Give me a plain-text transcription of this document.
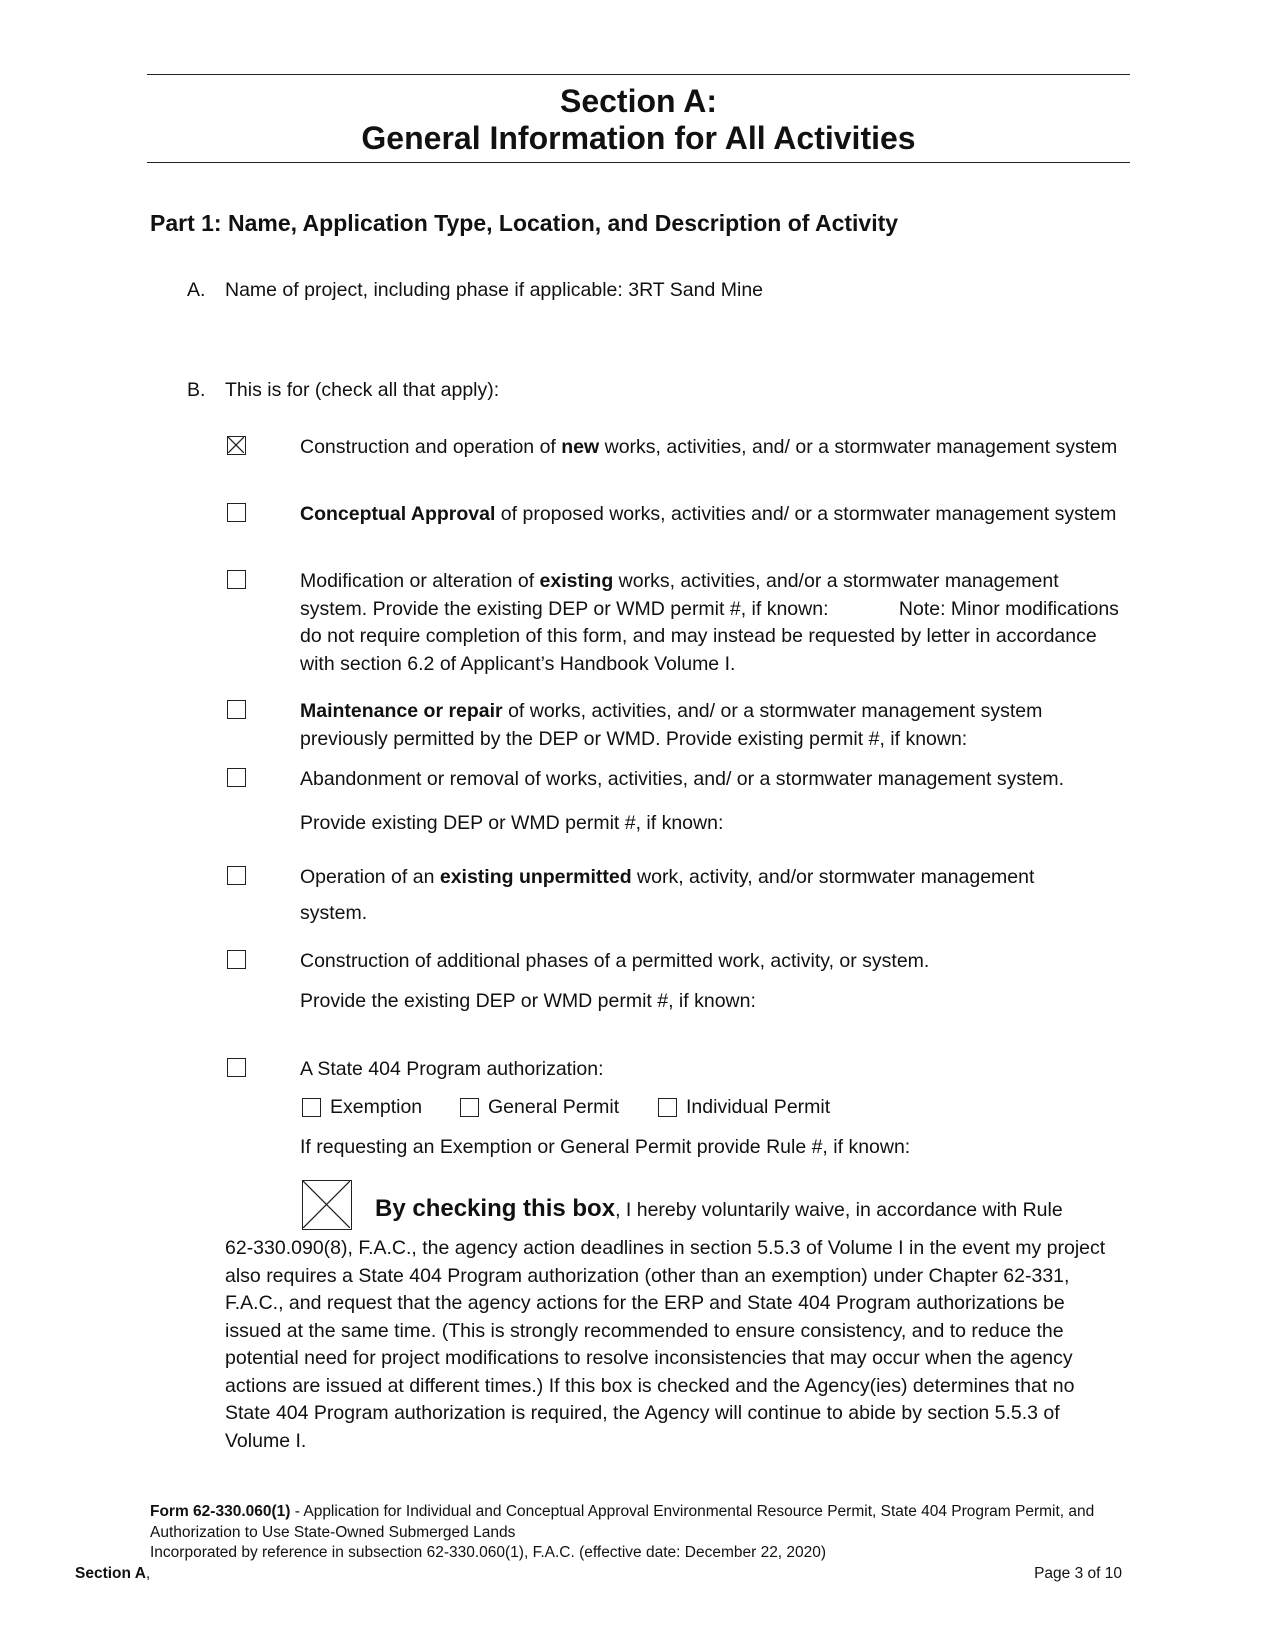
Section A:
General Information for All Activities
Part 1: Name, Application Type, Location, and Description of Activity
A. Name of project, including phase if applicable: 3RT Sand Mine
B. This is for (check all that apply):
Construction and operation of new works, activities, and/ or a stormwater management system
Conceptual Approval of proposed works, activities and/ or a stormwater management system
Modification or alteration of existing works, activities, and/or a stormwater management system. Provide the existing DEP or WMD permit #, if known:             Note: Minor modifications do not require completion of this form, and may instead be requested by letter in accordance with section 6.2 of Applicant’s Handbook Volume I.
Maintenance or repair of works, activities, and/ or a stormwater management system previously permitted by the DEP or WMD. Provide existing permit #, if known:
Abandonment or removal of works, activities, and/ or a stormwater management system.
Provide existing DEP or WMD permit #, if known:
Operation of an existing unpermitted work, activity, and/or stormwater management
system.
Construction of additional phases of a permitted work, activity, or system.
Provide the existing DEP or WMD permit #, if known:
A State 404 Program authorization:
Exemption	General Permit	Individual Permit
If requesting an Exemption or General Permit provide Rule #, if known:
By checking this box, I hereby voluntarily waive, in accordance with Rule
62-330.090(8), F.A.C., the agency action deadlines in section 5.5.3 of Volume I in the event my project also requires a State 404 Program authorization (other than an exemption) under Chapter 62-331, F.A.C., and request that the agency actions for the ERP and State 404 Program authorizations be issued at the same time. (This is strongly recommended to ensure consistency, and to reduce the potential need for project modifications to resolve inconsistencies that may occur when the agency actions are issued at different times.) If this box is checked and the Agency(ies) determines that no State 404 Program authorization is required, the Agency will continue to abide by section 5.5.3 of Volume I.
Form 62-330.060(1) - Application for Individual and Conceptual Approval Environmental Resource Permit, State 404 Program Permit, and Authorization to Use State-Owned Submerged Lands
Incorporated by reference in subsection 62-330.060(1), F.A.C. (effective date: December 22, 2020)
Section A,	Page 3 of 10
